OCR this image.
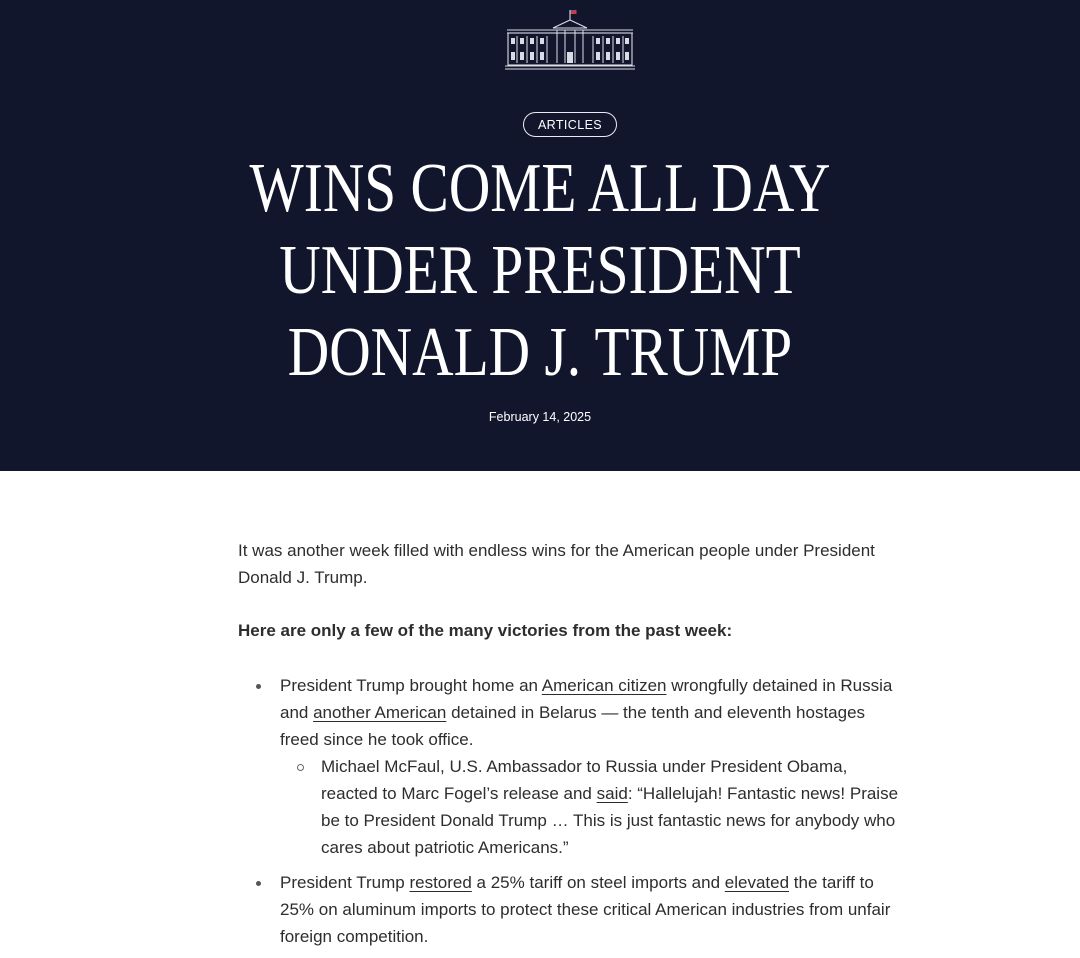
ARTICLES
WINS COME ALL DAY
UNDER PRESIDENT
DONALD J. TRUMP
February 14, 2025

It was another week filled with endless wins for the American people under President Donald J. Trump.

Here are only a few of the many victories from the past week:

President Trump brought home an American citizen wrongfully detained in Russia and another American detained in Belarus — the tenth and eleventh hostages freed since he took office.
Michael McFaul, U.S. Ambassador to Russia under President Obama, reacted to Marc Fogel’s release and said: “Hallelujah! Fantastic news! Praise be to President Donald Trump … This is just fantastic news for anybody who cares about patriotic Americans.”
President Trump restored a 25% tariff on steel imports and elevated the tariff to 25% on aluminum imports to protect these critical American industries from unfair foreign competition.
